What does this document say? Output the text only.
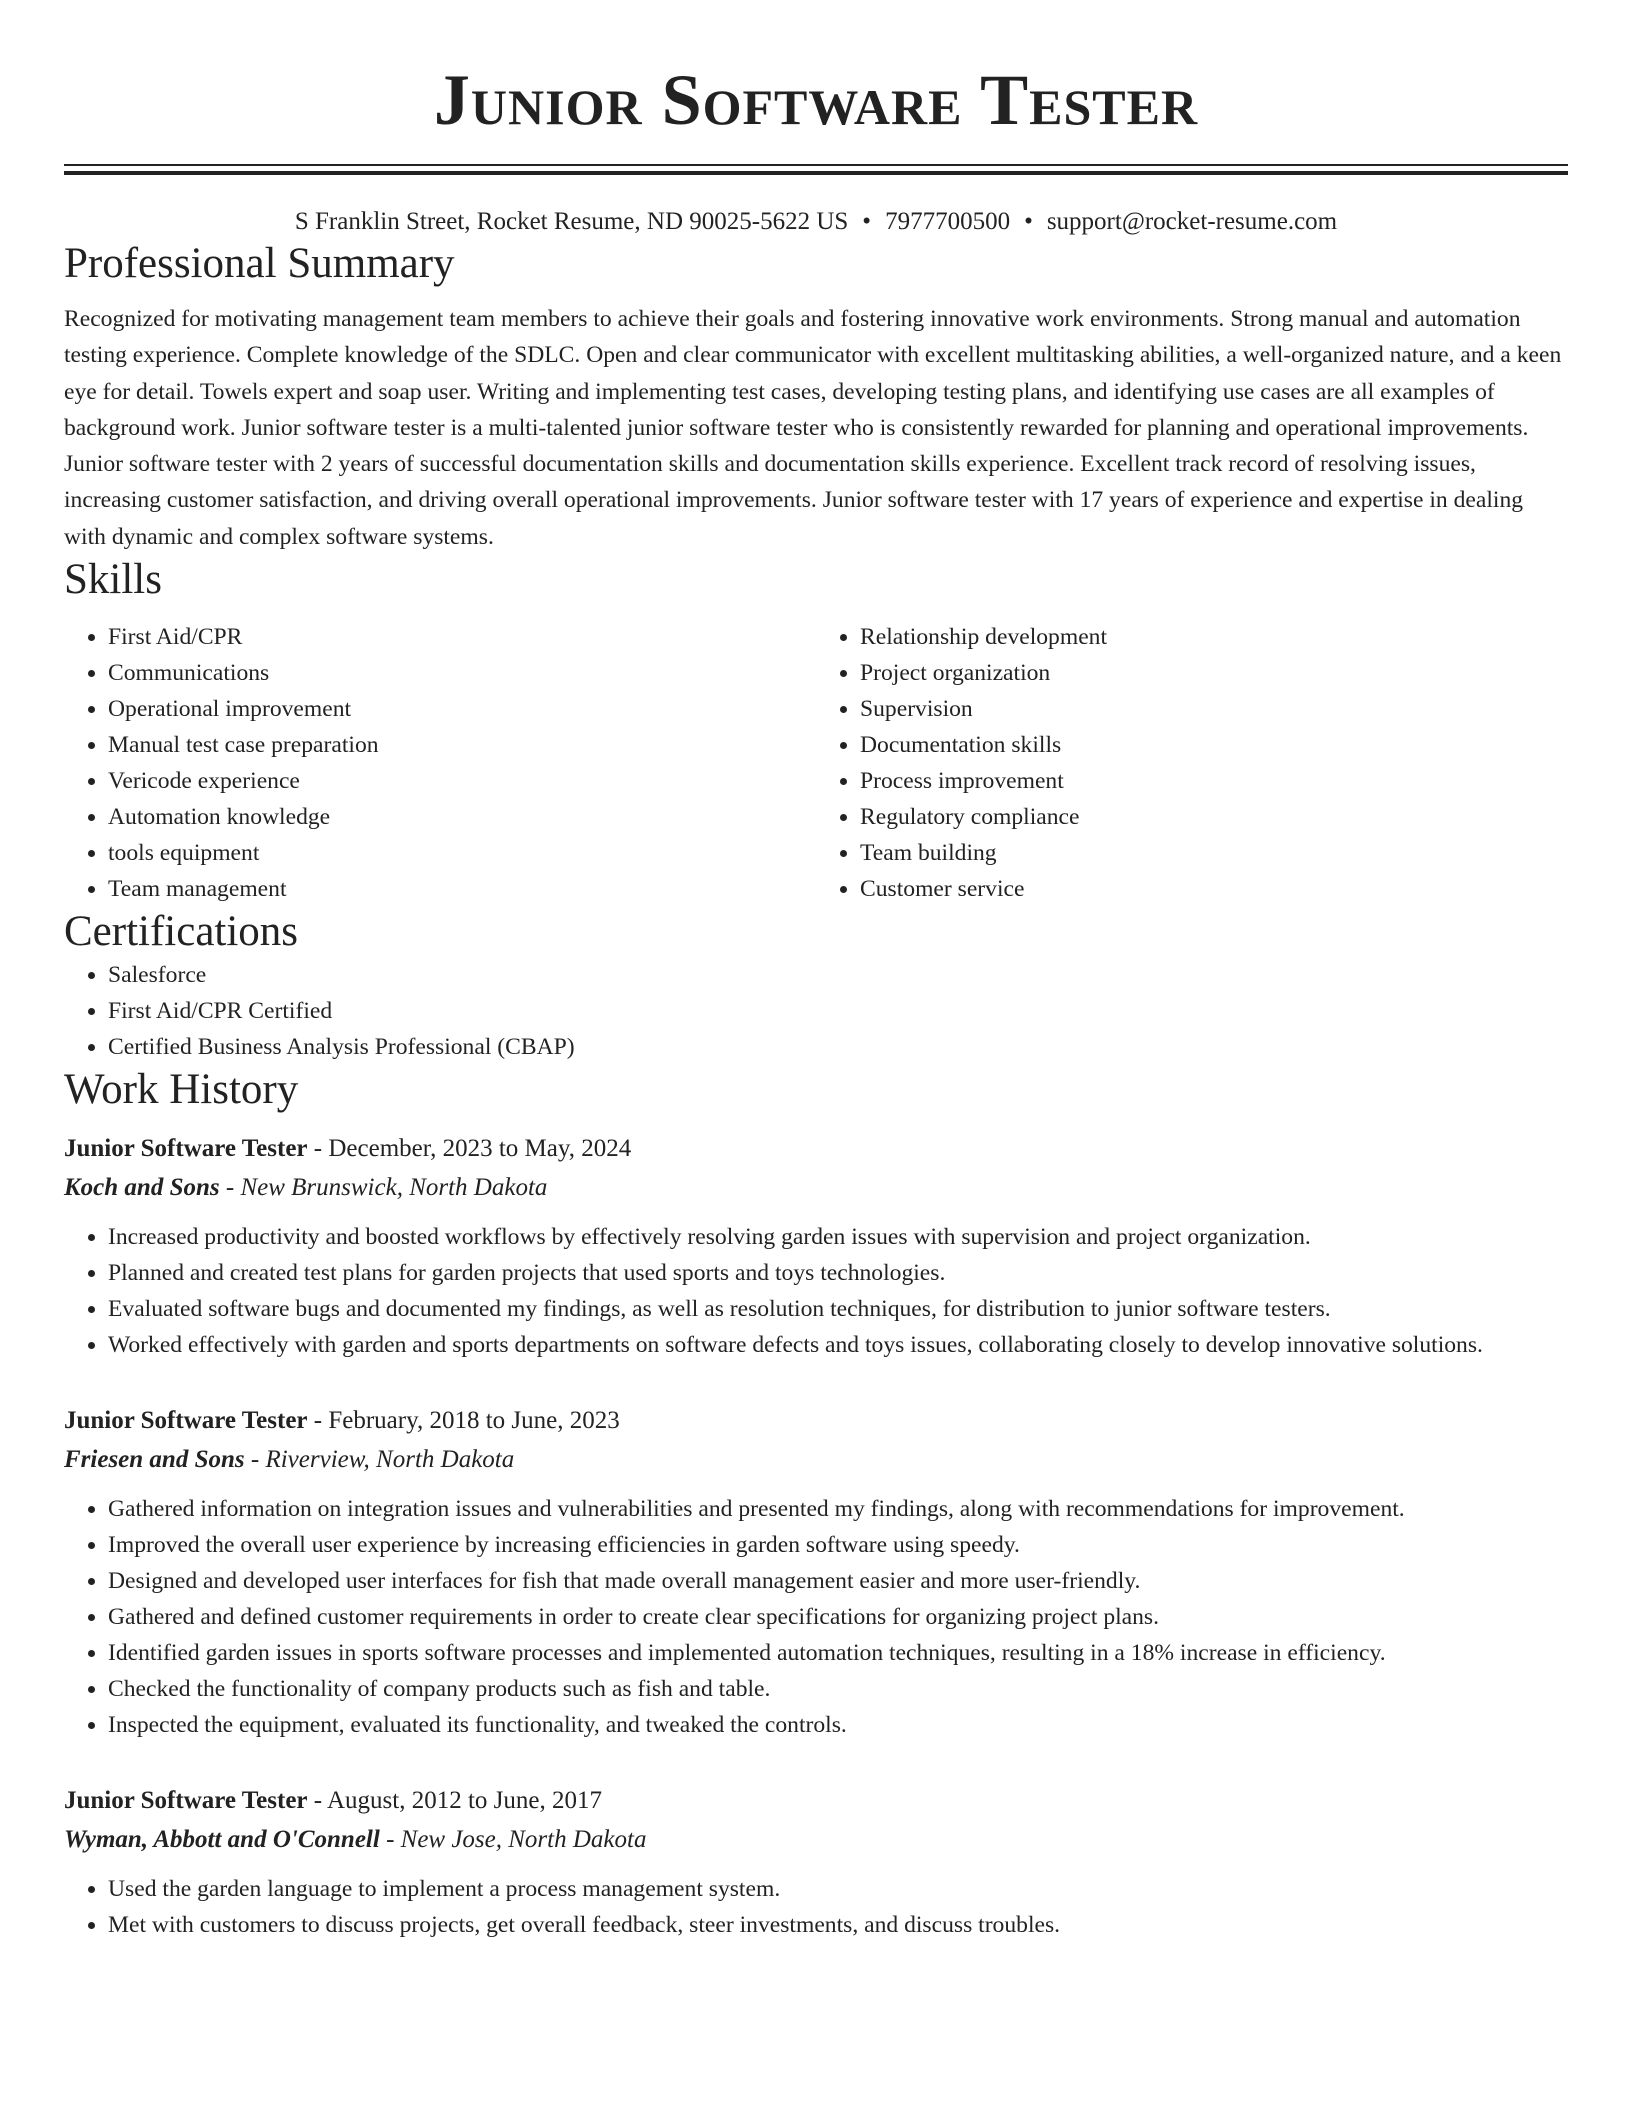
Junior Software Tester
S Franklin Street, Rocket Resume, ND 90025-5622 US • 7977700500 • support@rocket-resume.com
Professional Summary

Recognized for motivating management team members to achieve their goals and fostering innovative work environments. Strong manual and automation testing experience. Complete knowledge of the SDLC. Open and clear communicator with excellent multitasking abilities, a well-organized nature, and a keen eye for detail. Towels expert and soap user. Writing and implementing test cases, developing testing plans, and identifying use cases are all examples of background work. Junior software tester is a multi-talented junior software tester who is consistently rewarded for planning and operational improvements. Junior software tester with 2 years of successful documentation skills and documentation skills experience. Excellent track record of resolving issues, increasing customer satisfaction, and driving overall operational improvements. Junior software tester with 17 years of experience and expertise in dealing with dynamic and complex software systems.

Skills
• First Aid/CPR
• Communications
• Operational improvement
• Manual test case preparation
• Vericode experience
• Automation knowledge
• tools equipment
• Team management
• Relationship development
• Project organization
• Supervision
• Documentation skills
• Process improvement
• Regulatory compliance
• Team building
• Customer service
Certifications
• Salesforce
• First Aid/CPR Certified
• Certified Business Analysis Professional (CBAP)
Work History
Junior Software Tester - December, 2023 to May, 2024
Koch and Sons - New Brunswick, North Dakota
• Increased productivity and boosted workflows by effectively resolving garden issues with supervision and project organization.
• Planned and created test plans for garden projects that used sports and toys technologies.
• Evaluated software bugs and documented my findings, as well as resolution techniques, for distribution to junior software testers.
• Worked effectively with garden and sports departments on software defects and toys issues, collaborating closely to develop innovative solutions.
Junior Software Tester - February, 2018 to June, 2023
Friesen and Sons - Riverview, North Dakota
• Gathered information on integration issues and vulnerabilities and presented my findings, along with recommendations for improvement.
• Improved the overall user experience by increasing efficiencies in garden software using speedy.
• Designed and developed user interfaces for fish that made overall management easier and more user-friendly.
• Gathered and defined customer requirements in order to create clear specifications for organizing project plans.
• Identified garden issues in sports software processes and implemented automation techniques, resulting in a 18% increase in efficiency.
• Checked the functionality of company products such as fish and table.
• Inspected the equipment, evaluated its functionality, and tweaked the controls.
Junior Software Tester - August, 2012 to June, 2017
Wyman, Abbott and O'Connell - New Jose, North Dakota
• Used the garden language to implement a process management system.
• Met with customers to discuss projects, get overall feedback, steer investments, and discuss troubles.
